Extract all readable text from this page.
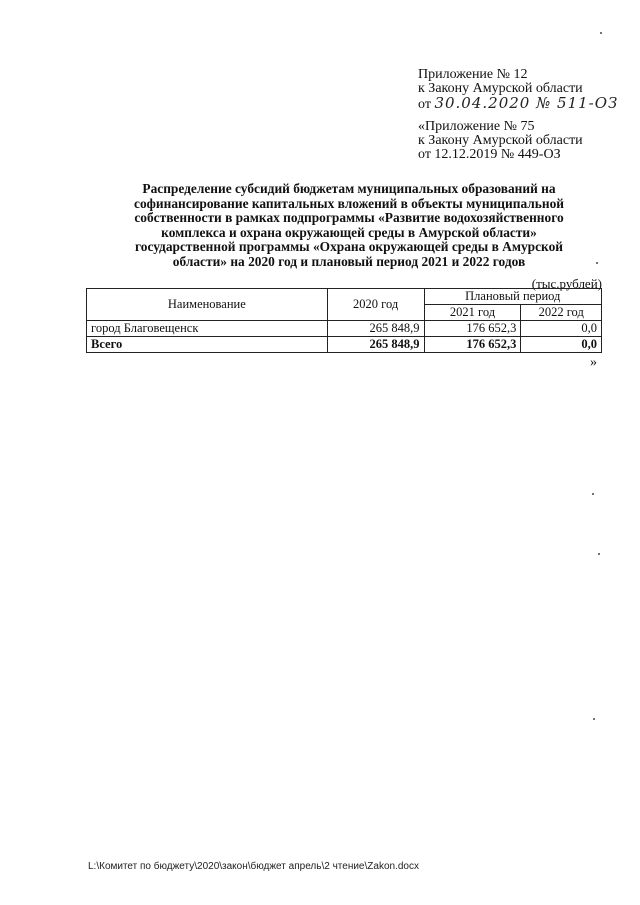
Приложение № 12
к Закону Амурской области
от 30.04.2020 № 511-ОЗ
«Приложение № 75
к Закону Амурской области
от 12.12.2019 № 449-ОЗ
Распределение субсидий бюджетам муниципальных образований на
софинансирование капитальных вложений в объекты муниципальной
собственности в рамках подпрограммы «Развитие водохозяйственного
комплекса и охрана окружающей среды в Амурской области»
государственной программы «Охрана окружающей среды в Амурской
области» на 2020 год и плановый период 2021 и 2022 годов
(тыс.рублей)
Наименование	2020 год	Плановый период	
		2021 год	2022 год
город Благовещенск	265 848,9	176 652,3	0,0
Всего	265 848,9	176 652,3	0,0
»
L:\Комитет по бюджету\2020\закон\бюджет апрель\2 чтение\Zakon.docx
